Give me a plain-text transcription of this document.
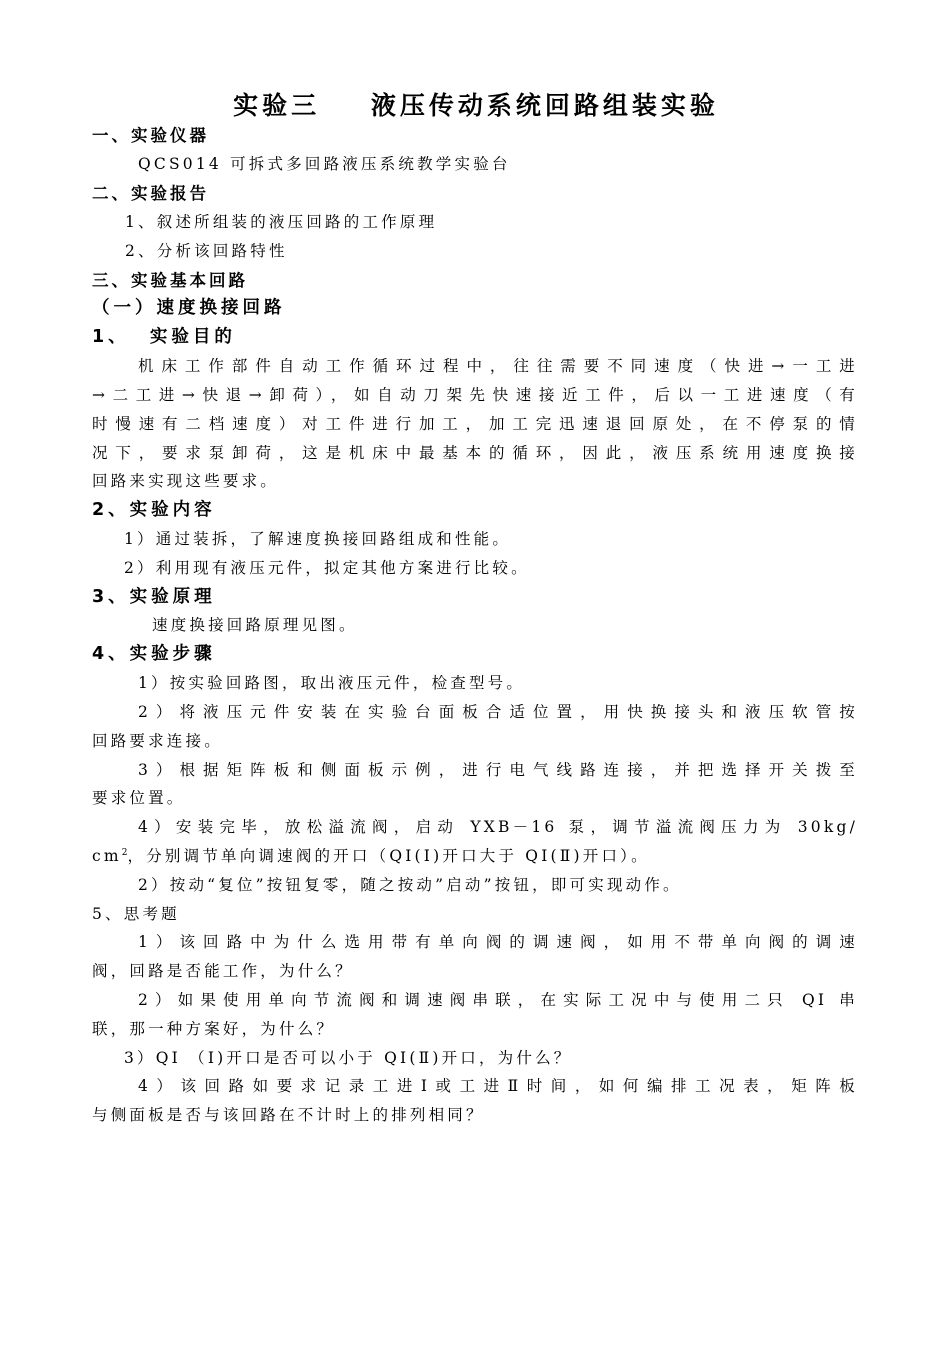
实验三    液压传动系统回路组装实验
一、实验仪器
QCS014 可拆式多回路液压系统教学实验台
二、实验报告
1、叙述所组装的液压回路的工作原理
2、分析该回路特性
三、实验基本回路
（一）速度换接回路
1、  实验目的
机床工作部件自动工作循环过程中，往往需要不同速度（快进→一工进
→二工进→快退→卸荷），如自动刀架先快速接近工件，后以一工进速度（有
时慢速有二档速度）对工件进行加工，加工完迅速退回原处，在不停泵的情
况下，要求泵卸荷，这是机床中最基本的循环，因此，液压系统用速度换接
回路来实现这些要求。
2、实验内容
1）通过装拆，了解速度换接回路组成和性能。
2）利用现有液压元件，拟定其他方案进行比较。
3、实验原理
速度换接回路原理见图。
4、实验步骤
1）按实验回路图，取出液压元件，检查型号。
2）将液压元件安装在实验台面板合适位置，用快换接头和液压软管按
回路要求连接。
3）根据矩阵板和侧面板示例，进行电气线路连接，并把选择开关拨至
要求位置。
4）安装完毕，放松溢流阀，启动 YXB－16 泵，调节溢流阀压力为 30kg/
$cm^2$，分别调节单向调速阀的开口（QI(Ⅰ)开口大于 QI(Ⅱ)开口）。
2）按动“复位”按钮复零，随之按动”启动”按钮，即可实现动作。
5、思考题
1）该回路中为什么选用带有单向阀的调速阀，如用不带单向阀的调速
阀，回路是否能工作，为什么？
2）如果使用单向节流阀和调速阀串联，在实际工况中与使用二只 QI 串
联，那一种方案好，为什么？
3）QI （Ⅰ)开口是否可以小于 QI(Ⅱ)开口，为什么？
4）该回路如要求记录工进Ⅰ或工进Ⅱ时间，如何编排工况表，矩阵板
与侧面板是否与该回路在不计时上的排列相同？
